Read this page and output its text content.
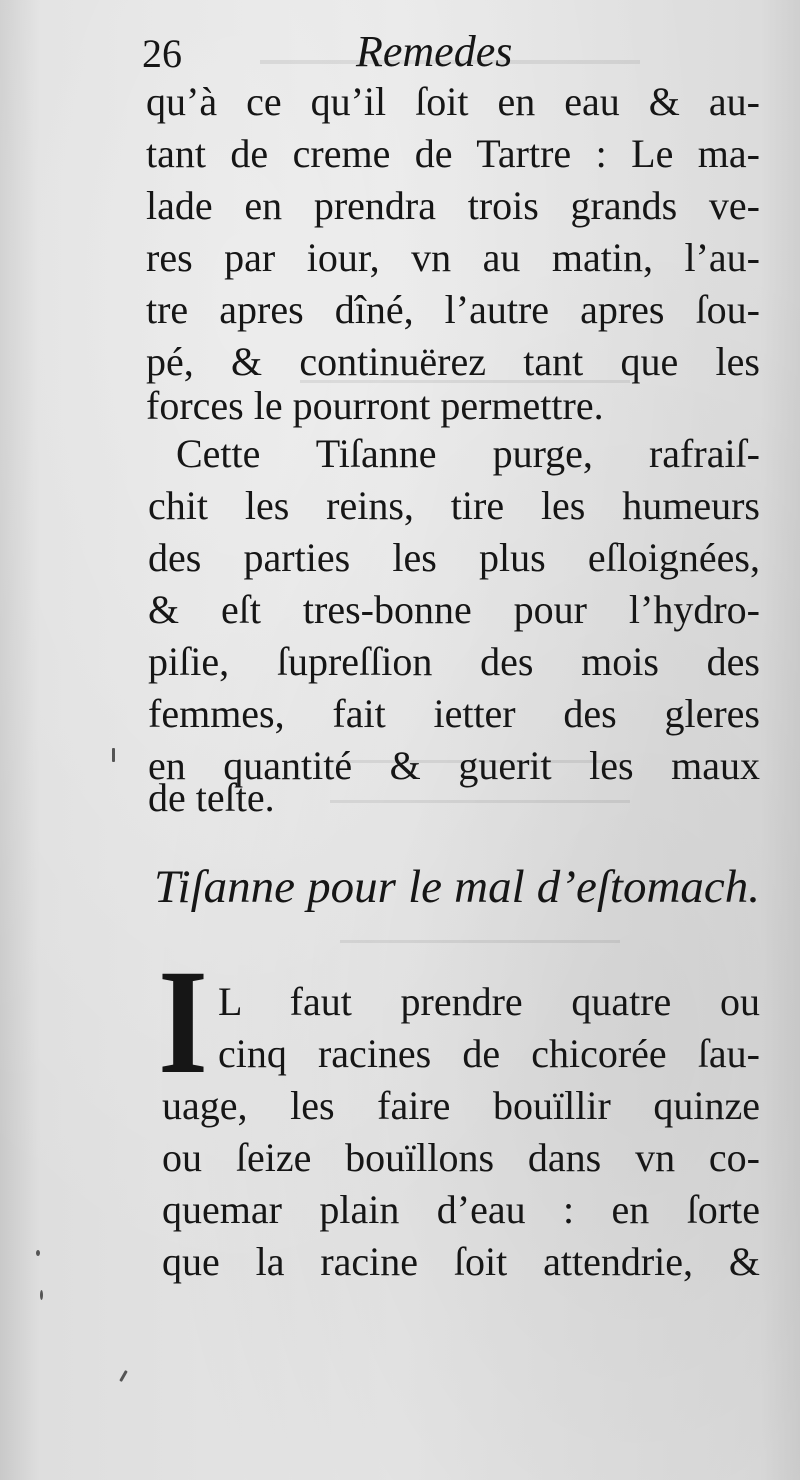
26	Remedes

qu’à ce qu’il ſoit en eau & au-

tant de creme de Tartre : Le ma-

lade en prendra trois grands ve-

res par iour, vn au matin, l’au-

tre apres dîné, l’autre apres ſou-

pé, & continuërez tant que les

forces le pourront permettre.

Cette Tiſanne purge, rafraiſ-

chit les reins, tire les humeurs

des parties les plus eſloignées,

& eſt tres-bonne pour l’hydro-

piſie, ſupreſſion des mois des

femmes, fait ietter des gleres

en quantité & guerit les maux

de teſte.

Tiſanne pour le mal d’eſtomach.
I

L faut prendre quatre ou

cinq racines de chicorée ſau-

uage, les faire bouïllir quinze

ou ſeize bouïllons dans vn co-

quemar plain d’eau : en ſorte

que la racine ſoit attendrie, &
